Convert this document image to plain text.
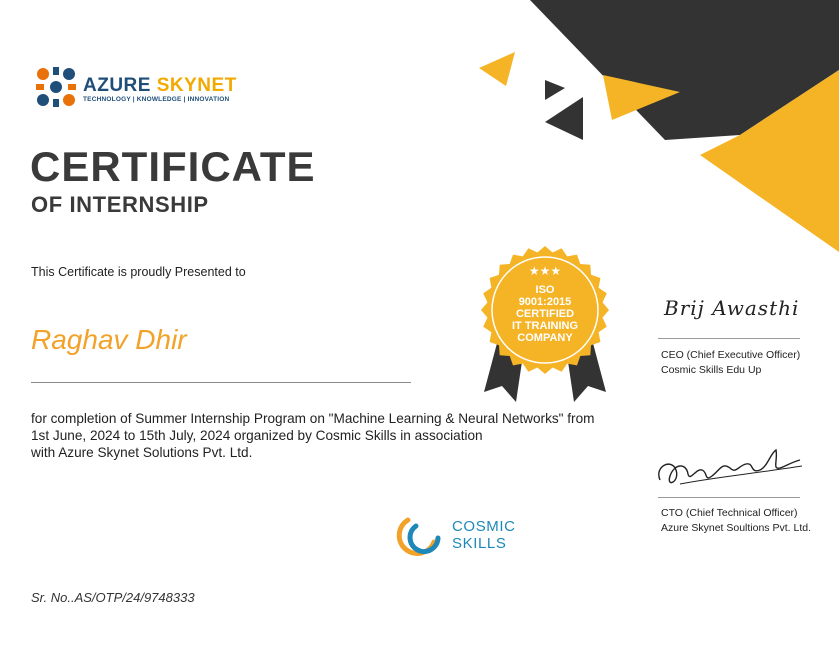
AZURE SKYNET
TECHNOLOGY | KNOWLEDGE | INNOVATION
CERTIFICATE
OF INTERNSHIP
This Certificate is proudly Presented to
Raghav Dhir
for completion of Summer Internship Program on "Machine Learning & Neural Networks" from
1st June, 2024 to 15th July, 2024 organized by Cosmic Skills in association
with Azure Skynet Solutions Pvt. Ltd.
Sr. No..AS/OTP/24/9748333
★★★
ISO
9001:2015
CERTIFIED
IT TRAINING
COMPANY
COSMIC
SKILLS
Brij Awasthi
CEO (Chief Executive Officer)
Cosmic Skills Edu Up
CTO (Chief Technical Officer)
Azure Skynet Soultions Pvt. Ltd.
